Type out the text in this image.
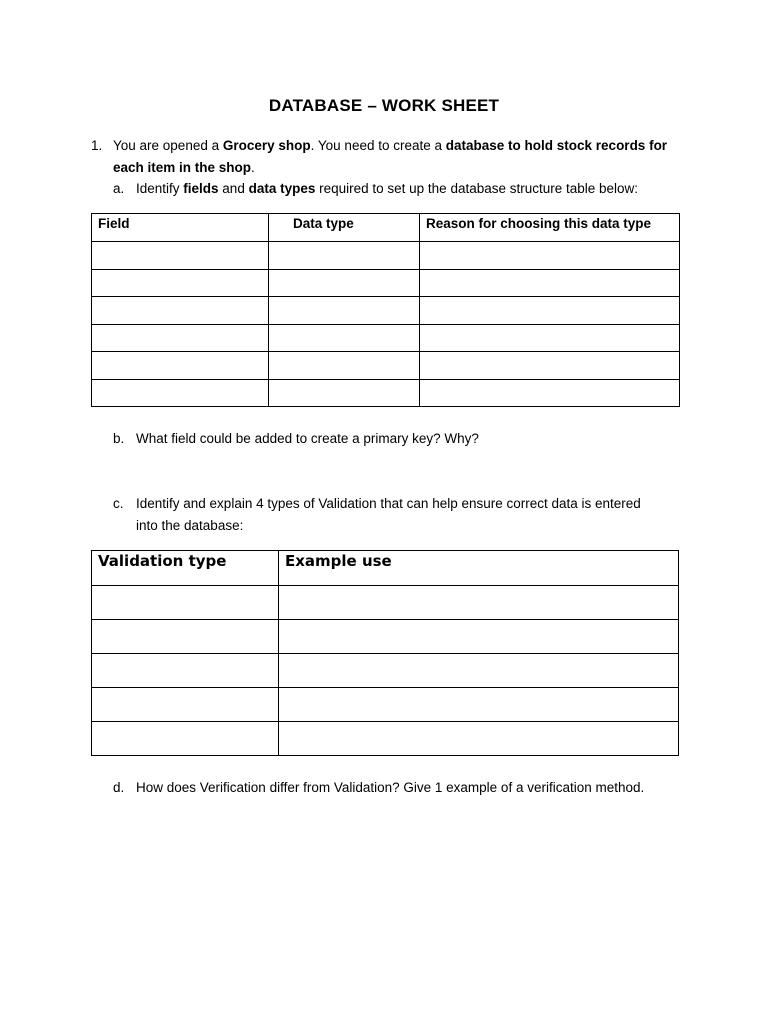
DATABASE – WORK SHEET
1. You are opened a Grocery shop. You need to create a database to hold stock records for each item in the shop.
a. Identify fields and data types required to set up the database structure table below:
Field	Data type	Reason for choosing this data type

b. What field could be added to create a primary key? Why?
c. Identify and explain 4 types of Validation that can help ensure correct data is entered into the database:
Validation type	Example use

d. How does Verification differ from Validation? Give 1 example of a verification method.
